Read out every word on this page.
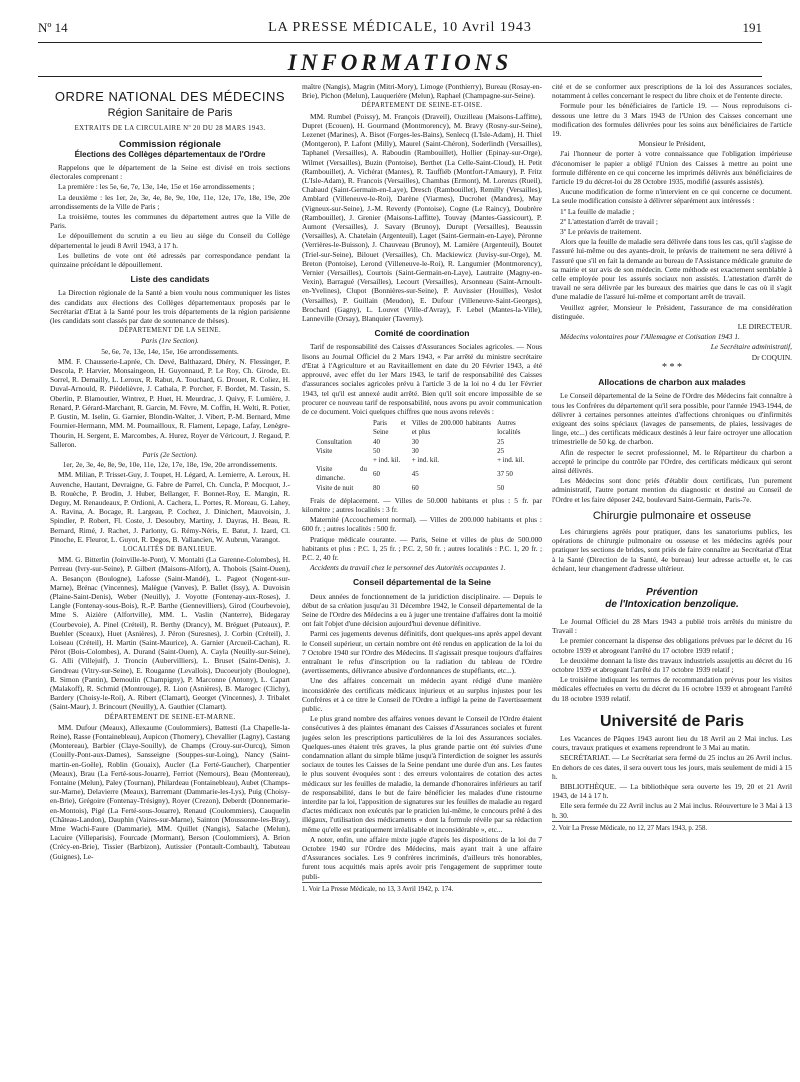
Nº 14	LA PRESSE MÉDICALE, 10 Avril 1943	191
INFORMATIONS
ORDRE NATIONAL DES MÉDECINS
Région Sanitaire de Paris

EXTRAITS DE LA CIRCULAIRE Nº 20 DU 28 MARS 1943.

Commission régionale
Élections des Collèges départementaux de l'Ordre

Rappelons que le département de la Seine est divisé en trois sections électorales comprenant :

La première : les 5e, 6e, 7e, 13e, 14e, 15e et 16e arrondissements ;

La deuxième : les 1er, 2e, 3e, 4e, 8e, 9e, 10e, 11e, 12e, 17e, 18e, 19e, 20e arrondissements de la Ville de Paris ;

La troisième, toutes les communes du département autres que la Ville de Paris.

Le dépouillement du scrutin a eu lieu au siège du Conseil du Collège départemental le jeudi 8 Avril 1943, à 17 h.

Les bulletins de vote ont été adressés par correspondance pendant la quinzaine précédant le dépouillement.

Liste des candidats

La Direction régionale de la Santé a bien voulu nous communiquer les listes des candidats aux élections des Collèges départementaux proposés par le Secrétariat d'Etat à la Santé pour les trois départements de la région parisienne (les candidats sont classés par date de soutenance de thèses).

DÉPARTEMENT DE LA SEINE.

Paris (1re Section).

5e, 6e, 7e, 13e, 14e, 15e, 16e arrondissements.

MM. F. Chausserie-Laprée, Ch. Devé, Balthazard, Dhéry, N. Flessinger, P. Descola, P. Harvier, Monsaingeon, H. Guyonnaud, P. Le Roy, Ch. Girode, Et. Sorrel, R. Demailly, L. Leroux, R. Rabut, A. Touchard, G. Drouet, R. Coliez, H. Duval-Arnould, R. Piédelièvre, J. Cathala, P. Porcher, F. Bordet, M. Tassin, S. Oberlin, P. Blamoutier, Wintrez, P. Huet, H. Meurdrac, J. Quivy, F. Lumière, J. Renard, P. Gérard-Marchant, R. Garcin, M. Fèvre, M. Coffin, H. Welti, R. Potier, P. Gustin, M. Iselin, G. Garnier, Blondin-Walter, J. Vibert, P.-M. Bernard, Mme Fournier-Hermann, MM. M. Poumailloux, R. Flament, Lepage, Lafay, Lenègre-Thourin, H. Sergent, E. Marcombes, A. Hurez, Royer de Véricourt, J. Regaud, P. Salleron.

Paris (2e Section).

1er, 2e, 3e, 4e, 8e, 9e, 10e, 11e, 12e, 17e, 18e, 19e, 20e arrondissements.

MM. Milian, P. Trisset-Guy, J. Toupet, H. Légard, A. Lemierre, A. Leroux, H. Auvenche, Hautant, Devraigne, G. Fabre de Parrel, Ch. Cuncla, P. Mocquot, J.-B. Rouèche, P. Brodin, J. Huber, Bellanger, F. Bonnet-Roy, E. Mangin, R. Deguy, M. Renaudeaux, P. Ordioni, A. Cachera, L. Portes, R. Moreau, G. Lahey, A. Ravina, A. Bocage, R. Largeau, P. Cochez, J. Dinichert, Mauvoisin, J. Spindler, P. Robert, Fl. Coste, J. Desoubry, Martiny, J. Dayras, H. Beau, R. Bernard, Rimé, J. Rachet, J. Parlonty, G. Rémy-Néris, E. Batut, J. Izard, Cl. Pinoche, E. Fleuror, L. Guyot, R. Degos, B. Vallancien, W. Aubrun, Varangot.

LOCALITÉS DE BANLIEUE.

MM. G. Bitterlin (Joinville-le-Pont), V. Montalti (La Garenne-Colombes), H. Perreau (Ivry-sur-Seine), P. Gilbert (Maisons-Alfort), A. Thobois (Saint-Ouen), A. Besançon (Boulogne), Lafosse (Saint-Mandé), L. Pageot (Nogent-sur-Marne), Brénac (Vincennes), Malègue (Vanves), P. Ballet (Issy), A. Duvoisin (Plaine-Saint-Denis), Weber (Neuilly), J. Voyotte (Fontenay-aux-Roses), J. Langle (Fontenay-sous-Bois), R.-P. Barthe (Gennevilliers), Girod (Courbevoie), Mme S. Aizière (Alfortville), MM. L. Vaslin (Nanterre), Bidegaray (Courbevoie), A. Pinel (Créteil), R. Berthy (Drancy), M. Bréguet (Puteaux), P. Buehler (Sceaux), Huet (Asnières), J. Péron (Suresnes), J. Corbin (Créteil), J. Loiseau (Créteil), H. Martin (Saint-Maurice), A. Garnier (Arcueil-Cachan), R. Pérot (Bois-Colombes), A. Durand (Saint-Ouen), A. Cayla (Neuilly-sur-Seine), G. Alli (Villejuif), J. Troncin (Aubervilliers), L. Bruset (Saint-Denis), J. Gendreau (Vitry-sur-Seine), E. Rouganne (Levallois), Ducoeurjoly (Boulogne), R. Simon (Pantin), Demoulin (Champigny), P. Marconne (Antony), L. Capart (Malakoff), R. Schmid (Montrouge), R. Lion (Asnières), B. Marogec (Clichy), Bardery (Choisy-le-Roi), A. Ribert (Clamart), Georget (Vincennes), J. Tribalet (Saint-Maur), J. Brincourt (Neuilly), A. Gauthier (Clamart).

DÉPARTEMENT DE SEINE-ET-MARNE.

MM. Dufour (Meaux), Allexaume (Coulommiers), Battesti (La Chapelle-la-Reine), Rasse (Fontainebleau), Aupicon (Thomery), Chevallier (Lagny), Castang (Montereau), Barbier (Claye-Souilly), de Champs (Crouy-sur-Ourcq), Simon (Couilly-Pont-aux-Dames), Sansseigne (Souppes-sur-Loing), Nancy (Saint-martin-en-Goële), Roblin (Gouaix), Aucler (La Ferté-Gaucher), Charpentier (Meaux), Brau (La Ferté-sous-Jouarre), Ferriot (Nemours), Beau (Montereau), Fontaine (Melun), Paley (Tournan), Philardeau (Fontainebleau), Aubet (Champs-sur-Marne), Delavierre (Meaux), Barremant (Dammarie-les-Lys), Puig (Choisy-en-Brie), Grégoire (Fontenay-Trésigny), Royer (Crezon), Deberdt (Donnemarie-en-Montois), Pigé (La Ferté-sous-Jouarre), Renaud (Coulommiers), Cauquelin (Château-Landon), Dauphin (Vaires-sur-Marne), Sainton (Moussonne-les-Bray), Mme Wachi-Faure (Dammarie), MM. Quillet (Nangis), Salache (Melun), Lacuire (Villeparisis), Fourcade (Mormant), Berson (Coulommiers), A. Brion (Crécy-en-Brie), Tissier (Barbizon), Autissier (Pontault-Combault), Tabuteau (Guignes), Le-

maître (Nangis), Magrin (Mitri-Mory), Limoge (Ponthierry), Bureau (Rosay-en-Brie), Pichon (Melun), Lauquerière (Melun), Raphael (Champagne-sur-Seine).

DÉPARTEMENT DE SEINE-ET-OISE.

MM. Rumbel (Poissy), M. François (Draveil), Ouzilleau (Maisons-Laffitte), Dupret (Ecouen), H. Gourmand (Montmorency), M. Bravy (Rosny-sur-Seine), Lezenet (Marines), A. Bisot (Forges-les-Bains), Senlecq (L'Isle-Adam), H. Thiel (Montgeron), P. Lafont (Milly), Maurel (Saint-Chéron), Soderlindh (Versailles), Taphanel (Versailles), A. Raboudin (Rambouillet), Hollier (Epinay-sur-Orge), Wilmet (Versailles), Buzin (Pontoise), Berthet (La Celle-Saint-Cloud), H. Petit (Rambouillet), A. Vichérat (Mantes), R. Tauffiéb (Montfort-l'Amaury), P. Fritz (L'Isle-Adam), R. Francois (Versailles), Chambas (Ermont), M. Lorenzs (Rueil), Chabaud (Saint-Germain-en-Laye), Dresch (Rambouillet), Remilly (Versailles), Amblard (Villeneuve-le-Roi), Darène (Viarmes), Ducrohet (Mandres), May (Vigneux-sur-Seine), J.-M. Reverdy (Pontoise), Cogne (Le Raincy), Doubrère (Rambouillet), J. Grenier (Maisons-Laffitte), Touvay (Mantes-Gassicourt), P. Aumont (Versailles), J. Savary (Brunoy), Durupt (Versailles), Beaussin (Versailles), A. Chatelain (Argenteuil), Laget (Saint-Germain-en-Laye), Péronne (Verrières-le-Buisson), J. Chauveau (Brunoy), M. Lamière (Argenteuil), Boutet (Triel-sur-Seine), Bilouet (Versailles), Ch. Mackiewicz (Juvisy-sur-Orge), M. Breton (Pontoise), Lerond (Villeneuve-le-Roi), R. Langumier (Montmorency), Vernier (Versailles), Courtois (Saint-Germain-en-Laye), Lautraite (Magny-en-Vexin), Barragué (Versailles), Lecourt (Versailles), Arsonneau (Saint-Arnoult-en-Yvelines), Clupot (Bonnières-sur-Seine), P. Auvissier (Houilles), Veslot (Versailles), P. Guillain (Meudon), E. Dufour (Villeneuve-Saint-Georges), Brochard (Gagny), L. Louvet (Ville-d'Avray), F. Lebel (Mantes-la-Ville), Lanneville (Orsay), Blanquier (Taverny).

Comité de coordination

Tarif de responsabilité des Caisses d'Assurances Sociales agricoles. — Nous lisons au Journal Officiel du 2 Mars 1943, « Par arrêté du ministre secrétaire d'Etat à l'Agriculture et au Ravitaillement en date du 20 Février 1943, a été approuvé, avec effet du 1er Mars 1943, le tarif de responsabilité des Caisses d'assurances sociales agricoles prévu à l'article 3 de la loi no 4 du 1er Février 1943, tel qu'il est annexé audit arrêté. Bien qu'il soit encore impossible de se procurer ce nouveau tarif de responsabilité, nous avons pu avoir communication de ce document. Voici quelques chiffres que nous avons relevés :

	Paris et Seine	Villes de 200.000 habitants et plus	Autres localités
Consultation	40	30	25
Visite	50	30	25
	+ ind. kil.	+ ind. kil.	+ ind. kil.
Visite du dimanche.	60	45	37 50
Visite de nuit	80	60	50

Frais de déplacement. — Villes de 50.000 habitants et plus : 5 fr. par kilomètre ; autres localités : 3 fr.

Maternité (Accouchement normal). — Villes de 200.000 habitants et plus : 600 fr. ; autres localités : 500 fr.

Pratique médicale courante. — Paris, Seine et villes de plus de 500.000 habitants et plus : P.C. 1, 25 fr. ; P.C. 2, 50 fr. ; autres localités : P.C. 1, 20 fr. ; P.C. 2, 40 fr.

Accidents du travail chez le personnel des Autorités occupantes 1.

Conseil départemental de la Seine

Deux années de fonctionnement de la juridiction disciplinaire. — Depuis le début de sa création jusqu'au 31 Décembre 1942, le Conseil départemental de la Seine de l'Ordre des Médecins a eu à juger une trentaine d'affaires dont la moitié ont fait l'objet d'une décision aujourd'hui devenue définitive.

Parmi ces jugements devenus définitifs, dont quelques-uns après appel devant le Conseil supérieur, un certain nombre ont été rendus en application de la loi du 7 Octobre 1940 sur l'Ordre des Médecins. Il s'agissait presque toujours d'affaires entraînant le refus d'inscription ou la radiation du tableau de l'Ordre (avertissements, délivrance abusive d'ordonnances de stupéfiants, etc...).

Une des affaires concernait un médecin ayant rédigé d'une manière inconsidérée des certificats médicaux injurieux et au surplus injustes pour les Confrères et à ce titre le Conseil de l'Ordre a infligé la peine de l'avertissement public.

Le plus grand nombre des affaires venues devant le Conseil de l'Ordre étaient consécutives à des plaintes émanant des Caisses d'Assurances sociales et furent jugées selon les prescriptions particulières de la loi des Assurances sociales. Quelques-unes étaient très graves, la plus grande partie ont été suivies d'une condamnation allant du simple blâme jusqu'à l'interdiction de soigner les assurés sociaux de toutes les Caisses de la Seine pendant une durée d'un ans. Les fautes le plus souvent évoquées sont : des erreurs volontaires de cotation des actes médicaux sur les feuilles de maladie, la demande d'honoraires inférieurs au tarif de responsabilité, dans le but de faire bénéficier les malades d'une ristourne interdite par la loi, l'apposition de signatures sur les feuilles de maladie au regard d'actes médicaux non exécutés par le praticien lui-même, le concours prêté à des illégaux, l'utilisation des médicaments « dont la formule révèle par sa rédaction même qu'elle est pratiquement irréalisable et inconsidérable », etc...

A noter, enfin, une affaire mixte jugée d'après les dispositions de la loi du 7 Octobre 1940 sur l'Ordre des Médecins, mais ayant trait à une affaire d'Assurances sociales. Les 9 confrères incriminés, d'ailleurs très honorables, furent tous acquittés mais après avoir pris l'engagement de supprimer toute publi-

1. Voir La Presse Médicale, no 13, 3 Avril 1942, p. 174.

cité et de se conformer aux prescriptions de la loi des Assurances sociales, notamment à celles concernant le respect du libre choix et de l'entente directe.

Formule pour les bénéficiaires de l'article 19. — Nous reproduisons ci-dessous une lettre du 3 Mars 1943 de l'Union des Caisses concernant une modification des formules délivrées pour les soins aux bénéficiaires de l'article 19.

Monsieur le Président,

J'ai l'honneur de porter à votre connaissance que l'obligation impérieuse d'économiser le papier a obligé l'Union des Caisses à mettre au point une formule différente en ce qui concerne les imprimés délivrés aux bénéficiaires de l'article 19 du décret-loi du 28 Octobre 1935, modifié (assurés assistés).

Aucune modification de forme n'intervient en ce qui concerne ce document. La seule modification consiste à délivrer séparément aux intéressés :

1º La feuille de maladie ;

2º L'attestation d'arrêt de travail ;

3º Le préavis de traitement.

Alors que la feuille de maladie sera délivrée dans tous les cas, qu'il s'agisse de l'assuré lui-même ou des ayants-droit, le préavis de traitement ne sera délivré à l'assuré que s'il en fait la demande au bureau de l'Assistance médicale gratuite de sa mairie et sur avis de son médecin. Cette méthode est exactement semblable à celle employée pour les assurés sociaux non assistés. L'attestation d'arrêt de travail ne sera délivrée par les bureaux des mairies que dans le cas où il s'agit d'une maladie de l'assuré lui-même et comportant arrêt de travail.

Veuillez agréer, Monsieur le Président, l'assurance de ma considération distinguée.

LE DIRECTEUR.

Médecins volontaires pour l'Allemagne et Cotisation 1943 1.

Le Secrétaire administratif,

Dr COQUIN.

* * *

Allocations de charbon aux malades

Le Conseil départemental de la Seine de l'Ordre des Médecins fait connaître à tous les Confrères du département qu'il sera possible, pour l'année 1943-1944, de délivrer à certaines personnes atteintes d'affections chroniques ou d'infirmités exigeant des soins spéciaux (lavages de pansements, de plaies, lessivages de linge, etc...) des certificats médicaux destinés à leur faire octroyer une allocation trimestrielle de 50 kg. de charbon.

Afin de respecter le secret professionnel, M. le Répartiteur du charbon a accepté le principe du contrôle par l'Ordre, des certificats médicaux qui seront ainsi délivrés.

Les Médecins sont donc priés d'établir doux certificats, l'un purement administratif, l'autre portant mention du diagnostic et destiné au Conseil de l'Ordre et les faire déposer 242, boulevard Saint-Germain, Paris-7e.

Chirurgie pulmonaire et osseuse

Les chirurgiens agréés pour pratiquer, dans les sanatoriums publics, les opérations de chirurgie pulmonaire ou osseuse et les médecins agréés pour pratiquer les sections de brides, sont priés de faire connaître au Secrétariat d'Etat à la Santé (Direction de la Santé, 4e bureau) leur adresse actuelle et, le cas échéant, leur changement d'adresse ultérieur.

Prévention
de l'Intoxication benzolique.

Le Journal Officiel du 28 Mars 1943 a publié trois arrêtés du ministre du Travail :

Le premier concernant la dispense des obligations prévues par le décret du 16 octobre 1939 et abrogeant l'arrêté du 17 octobre 1939 relatif ;

Le deuxième donnant la liste des travaux industriels assujettis au décret du 16 octobre 1939 et abrogeant l'arrêté du 17 octobre 1939 relatif ;

Le troisième indiquant les termes de recommandation prévus pour les visites médicales effectuées en vertu du décret du 16 octobre 1939 et abrogeant l'arrêté du 18 octobre 1939 relatif.

Université de Paris

Les Vacances de Pâques 1943 auront lieu du 18 Avril au 2 Mai inclus. Les cours, travaux pratiques et examens reprendront le 3 Mai au matin.

SECRÉTARIAT. — Le Secrétariat sera fermé du 25 inclus au 26 Avril inclus. En dehors de ces dates, il sera ouvert tous les jours, mais seulement de midi à 15 h.

BIBLIOTHÈQUE. — La bibliothèque sera ouverte les 19, 20 et 21 Avril 1943, de 14 à 17 h.

Elle sera fermée du 22 Avril inclus au 2 Mai inclus. Réouverture le 3 Mai à 13 h. 30.

2. Voir La Presse Médicale, no 12, 27 Mars 1943, p. 258.
